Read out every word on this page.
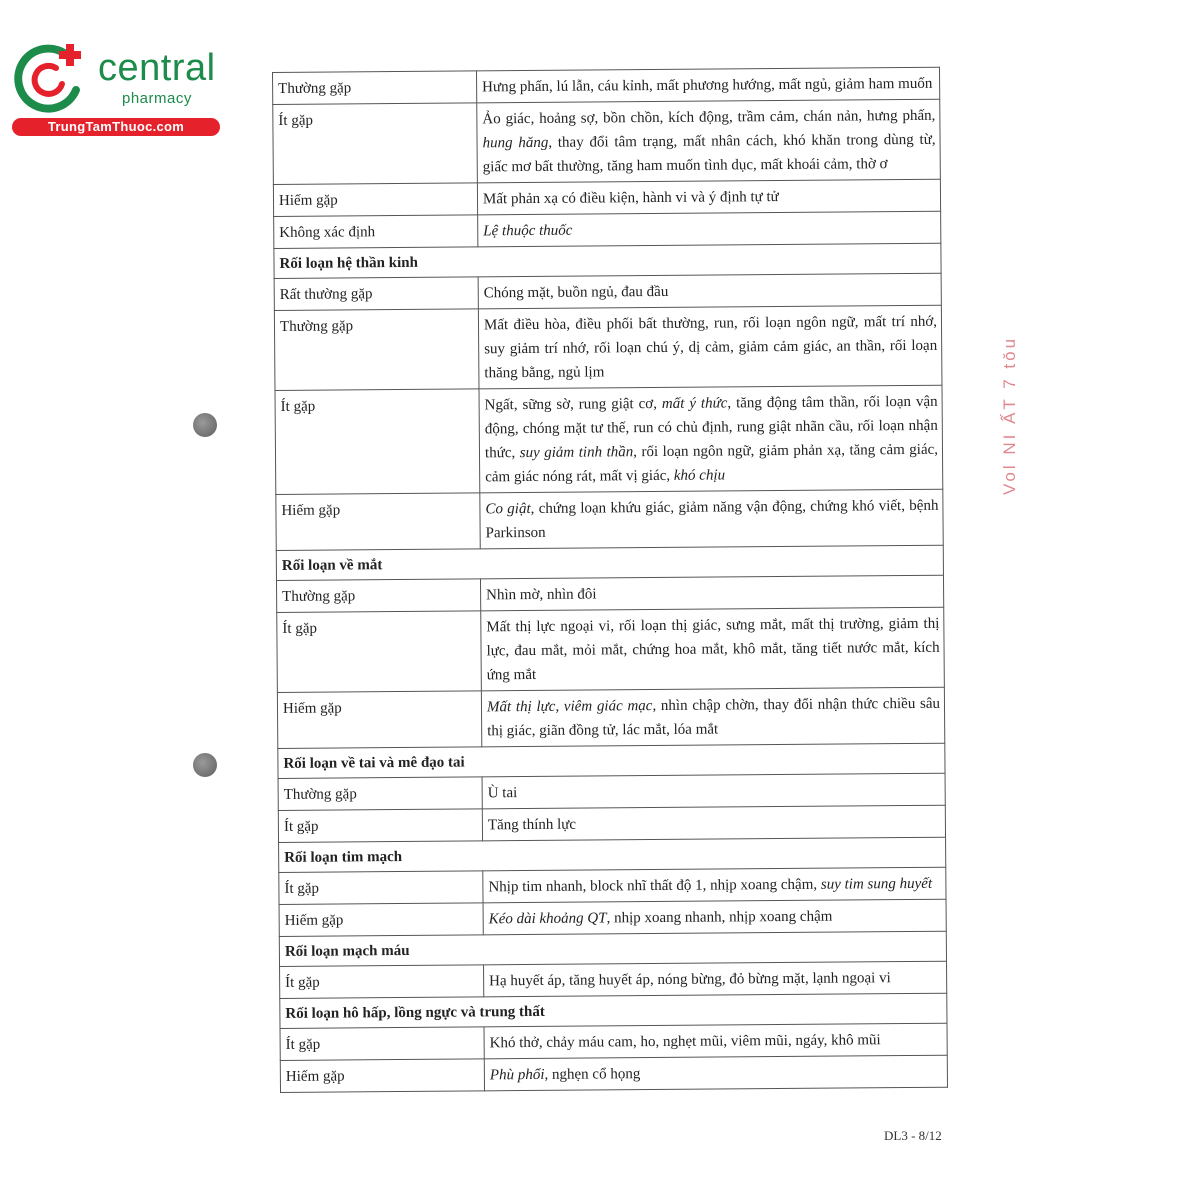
central
pharmacy
TrungTamThuoc.com
Vol NI ẤT 7 tǒu
Thường gặp	Hưng phấn, lú lẫn, cáu kỉnh, mất phương hướng, mất ngủ, giảm ham muốn
Ít gặp	Ảo giác, hoảng sợ, bồn chồn, kích động, trầm cảm, chán nản, hưng phấn, hung hăng, thay đổi tâm trạng, mất nhân cách, khó khăn trong dùng từ, giấc mơ bất thường, tăng ham muốn tình dục, mất khoái cảm, thờ ơ
Hiếm gặp	Mất phản xạ có điều kiện, hành vi và ý định tự tử
Không xác định	Lệ thuộc thuốc
Rối loạn hệ thần kinh	
Rất thường gặp	Chóng mặt, buồn ngủ, đau đầu
Thường gặp	Mất điều hòa, điều phối bất thường, run, rối loạn ngôn ngữ, mất trí nhớ, suy giảm trí nhớ, rối loạn chú ý, dị cảm, giảm cảm giác, an thần, rối loạn thăng bằng, ngủ lịm
Ít gặp	Ngất, sững sờ, rung giật cơ, mất ý thức, tăng động tâm thần, rối loạn vận động, chóng mặt tư thế, run có chủ định, rung giật nhãn cầu, rối loạn nhận thức, suy giảm tinh thần, rối loạn ngôn ngữ, giảm phản xạ, tăng cảm giác, cảm giác nóng rát, mất vị giác, khó chịu
Hiếm gặp	Co giật, chứng loạn khứu giác, giảm năng vận động, chứng khó viết, bệnh Parkinson
Rối loạn về mắt	
Thường gặp	Nhìn mờ, nhìn đôi
Ít gặp	Mất thị lực ngoại vi, rối loạn thị giác, sưng mắt, mất thị trường, giảm thị lực, đau mắt, mỏi mắt, chứng hoa mắt, khô mắt, tăng tiết nước mắt, kích ứng mắt
Hiếm gặp	Mất thị lực, viêm giác mạc, nhìn chập chờn, thay đổi nhận thức chiều sâu thị giác, giãn đồng tử, lác mắt, lóa mắt
Rối loạn về tai và mê đạo tai	
Thường gặp	Ù tai
Ít gặp	Tăng thính lực
Rối loạn tim mạch	
Ít gặp	Nhịp tim nhanh, block nhĩ thất độ 1, nhịp xoang chậm, suy tim sung huyết
Hiếm gặp	Kéo dài khoảng QT, nhịp xoang nhanh, nhịp xoang chậm
Rối loạn mạch máu	
Ít gặp	Hạ huyết áp, tăng huyết áp, nóng bừng, đỏ bừng mặt, lạnh ngoại vi
Rối loạn hô hấp, lồng ngực và trung thất	
Ít gặp	Khó thở, chảy máu cam, ho, nghẹt mũi, viêm mũi, ngáy, khô mũi
Hiếm gặp	Phù phổi, nghẹn cổ họng
DL3 - 8/12
